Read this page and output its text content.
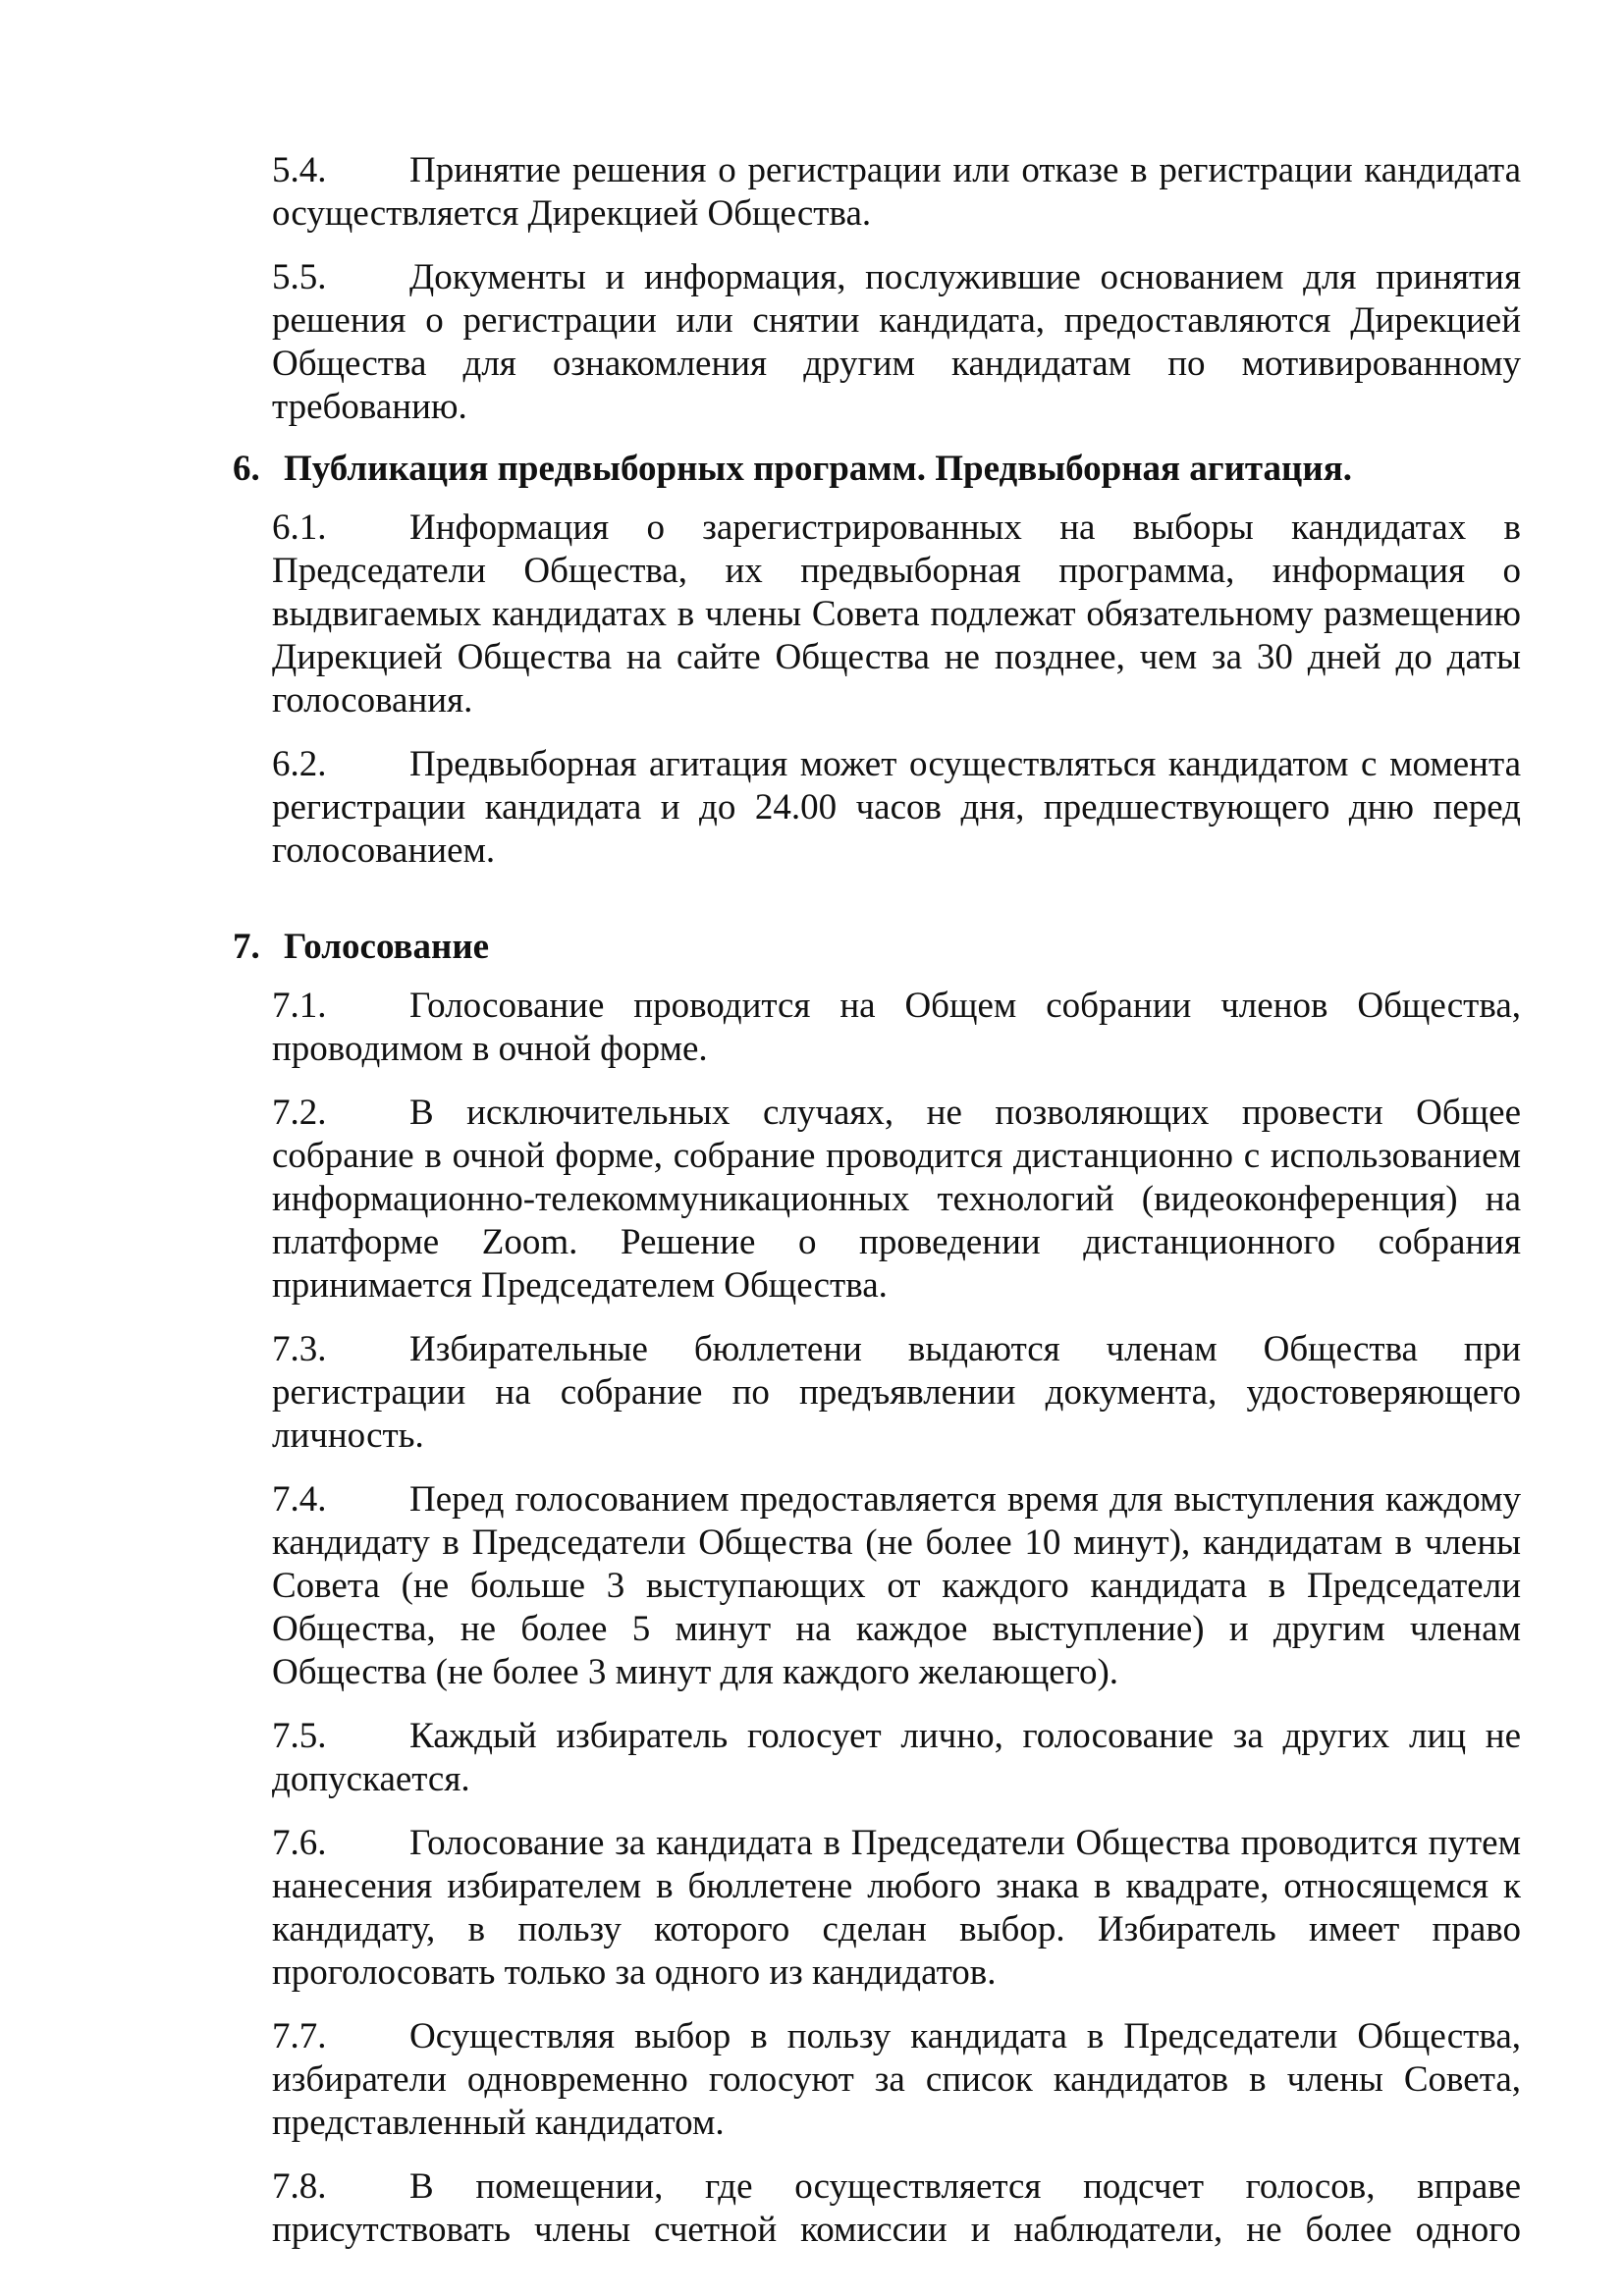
5.4. Принятие решения о регистрации или отказе в регистрации кандидата осуществляется Дирекцией Общества.

5.5. Документы и информация, послужившие основанием для принятия решения о регистрации или снятии кандидата, предоставляются Дирекцией Общества для ознакомления другим кандидатам по мотивированному требованию.

6. Публикация предвыборных программ. Предвыборная агитация.

6.1. Информация о зарегистрированных на выборы кандидатах в Председатели Общества, их предвыборная программа, информация о выдвигаемых кандидатах в члены Совета подлежат обязательному размещению Дирекцией Общества на сайте Общества не позднее, чем за 30 дней до даты голосования.

6.2. Предвыборная агитация может осуществляться кандидатом с момента регистрации кандидата и до 24.00 часов дня, предшествующего дню перед голосованием.

7. Голосование

7.1. Голосование проводится на Общем собрании членов Общества, проводимом в очной форме.

7.2. В исключительных случаях, не позволяющих провести Общее собрание в очной форме, собрание проводится дистанционно с использованием информационно-телекоммуникационных технологий (видеоконференция) на платформе Zoom. Решение о проведении дистанционного собрания принимается Председателем Общества.

7.3. Избирательные бюллетени выдаются членам Общества при регистрации на собрание по предъявлении документа, удостоверяющего личность.

7.4. Перед голосованием предоставляется время для выступления каждому кандидату в Председатели Общества (не более 10 минут), кандидатам в члены Совета (не больше 3 выступающих от каждого кандидата в Председатели Общества, не более 5 минут на каждое выступление) и другим членам Общества (не более 3 минут для каждого желающего).

7.5. Каждый избиратель голосует лично, голосование за других лиц не допускается.

7.6. Голосование за кандидата в Председатели Общества проводится путем нанесения избирателем в бюллетене любого знака в квадрате, относящемся к кандидату, в пользу которого сделан выбор. Избиратель имеет право проголосовать только за одного из кандидатов.

7.7. Осуществляя выбор в пользу кандидата в Председатели Общества, избиратели одновременно голосуют за список кандидатов в члены Совета, представленный кандидатом.

7.8. В помещении, где осуществляется подсчет голосов, вправе присутствовать члены счетной комиссии и наблюдатели, не более одного
